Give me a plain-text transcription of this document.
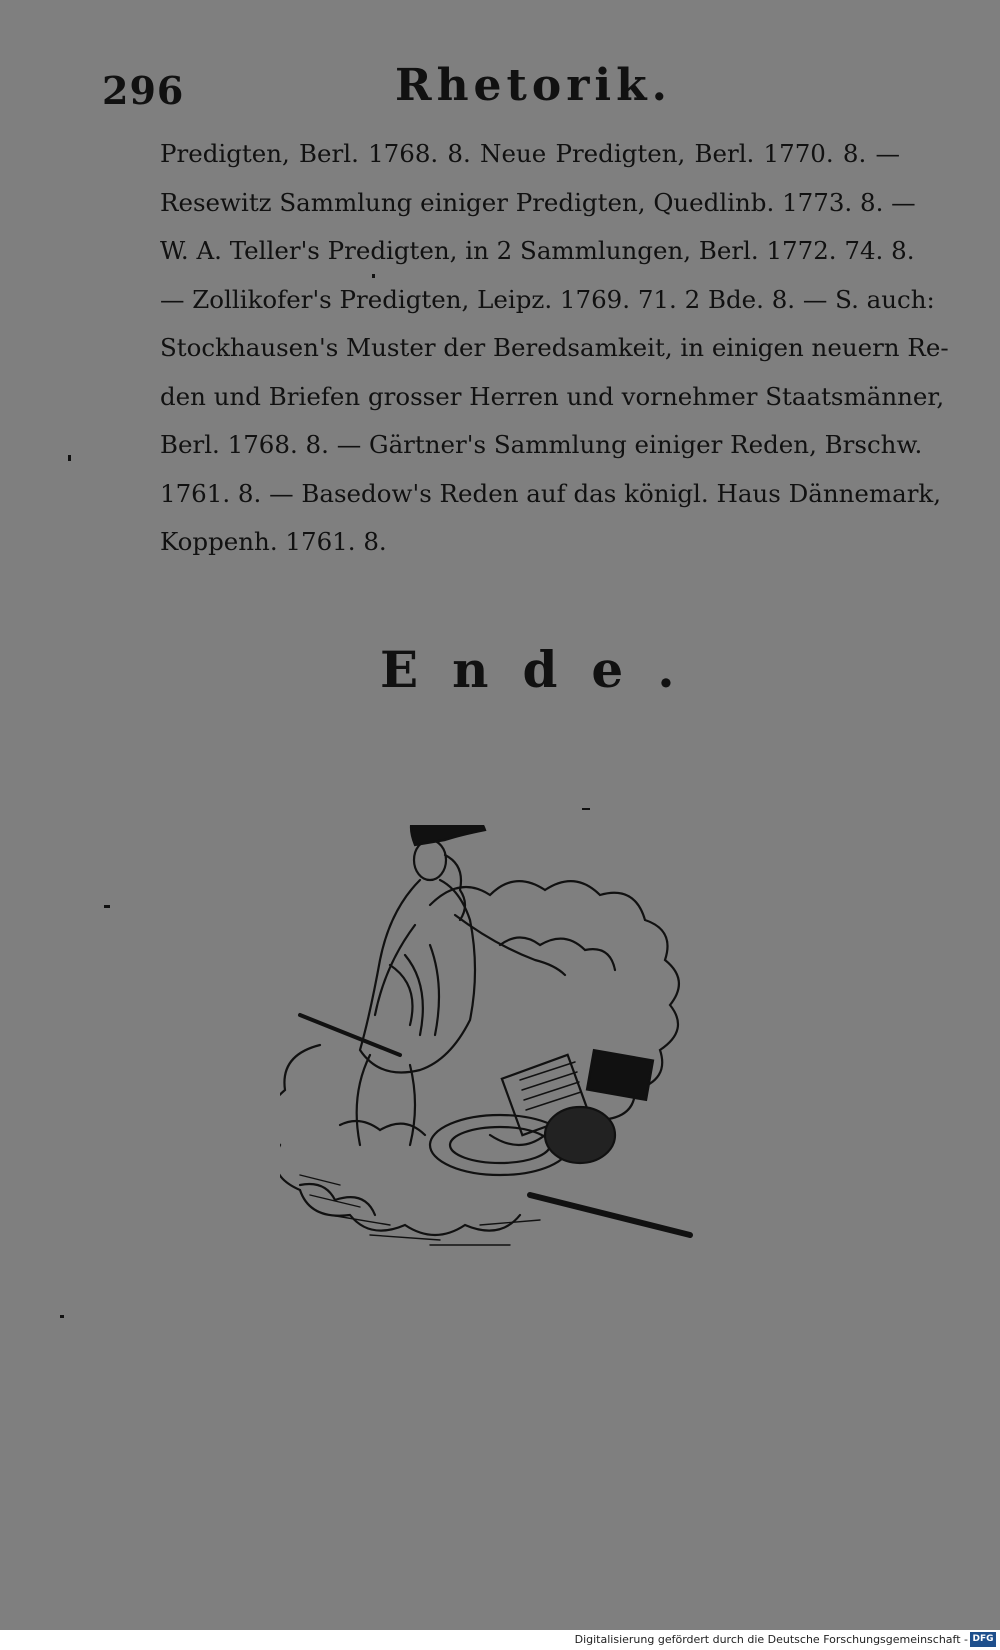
296	Rhetorik.
Predigten, Berl. 1768. 8. Neue Predigten, Berl. 1770. 8. —
Resewitz Sammlung einiger Predigten, Quedlinb. 1773. 8. —
W. A. Teller's Predigten, in 2 Sammlungen, Berl. 1772. 74. 8.
— Zollikofer's Predigten, Leipz. 1769. 71. 2 Bde. 8. — S. auch:
Stockhausen's Muster der Beredsamkeit, in einigen neuern Re-
den und Briefen grosser Herren und vornehmer Staatsmänner,
Berl. 1768. 8. — Gärtner's Sammlung einiger Reden, Brschw.
1761. 8. — Basedow's Reden auf das königl. Haus Dännemark,
Koppenh. 1761. 8.
Ende.
Digitalisierung gefördert durch die Deutsche Forschungsgemeinschaft - DFG
